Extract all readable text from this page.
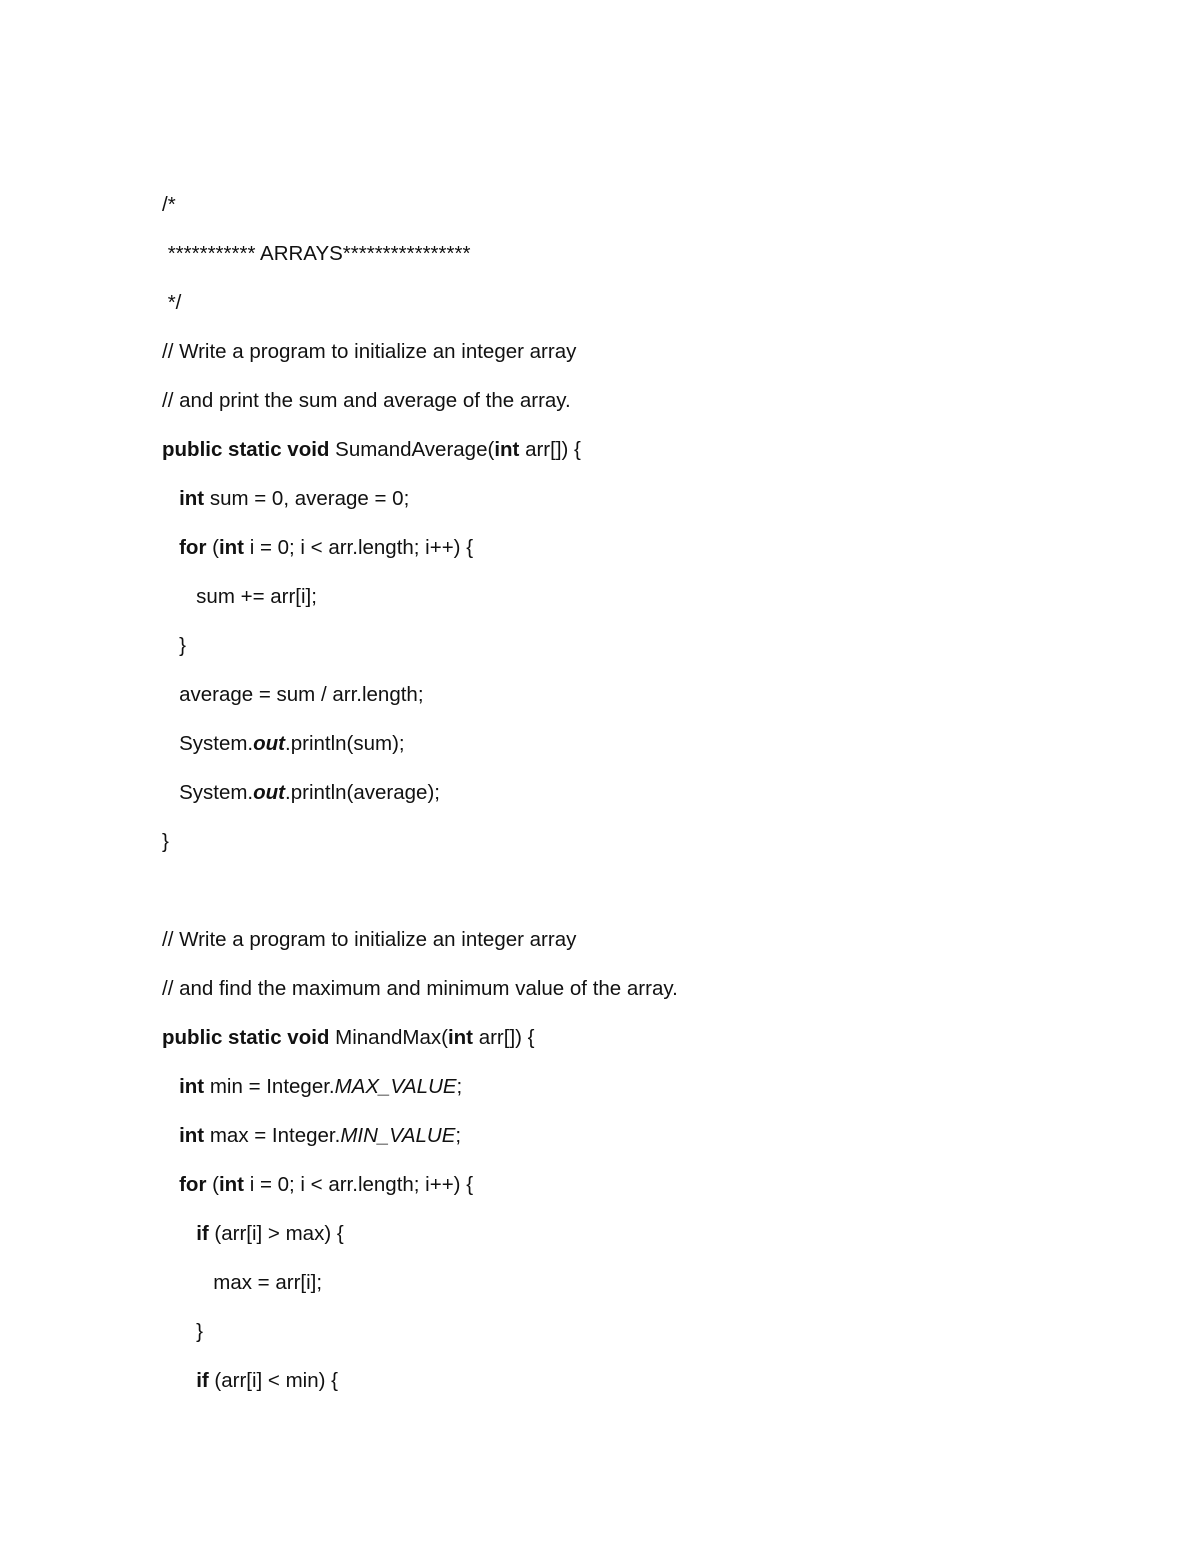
/*
*********** ARRAYS****************
*/
// Write a program to initialize an integer array
// and print the sum and average of the array.
public static void SumandAverage(int arr[]) {
int sum = 0, average = 0;
for (int i = 0; i < arr.length; i++) {
sum += arr[i];
}
average = sum / arr.length;
System.out.println(sum);
System.out.println(average);
}
// Write a program to initialize an integer array
// and find the maximum and minimum value of the array.
public static void MinandMax(int arr[]) {
int min = Integer.MAX_VALUE;
int max = Integer.MIN_VALUE;
for (int i = 0; i < arr.length; i++) {
if (arr[i] > max) {
max = arr[i];
}
if (arr[i] < min) {
